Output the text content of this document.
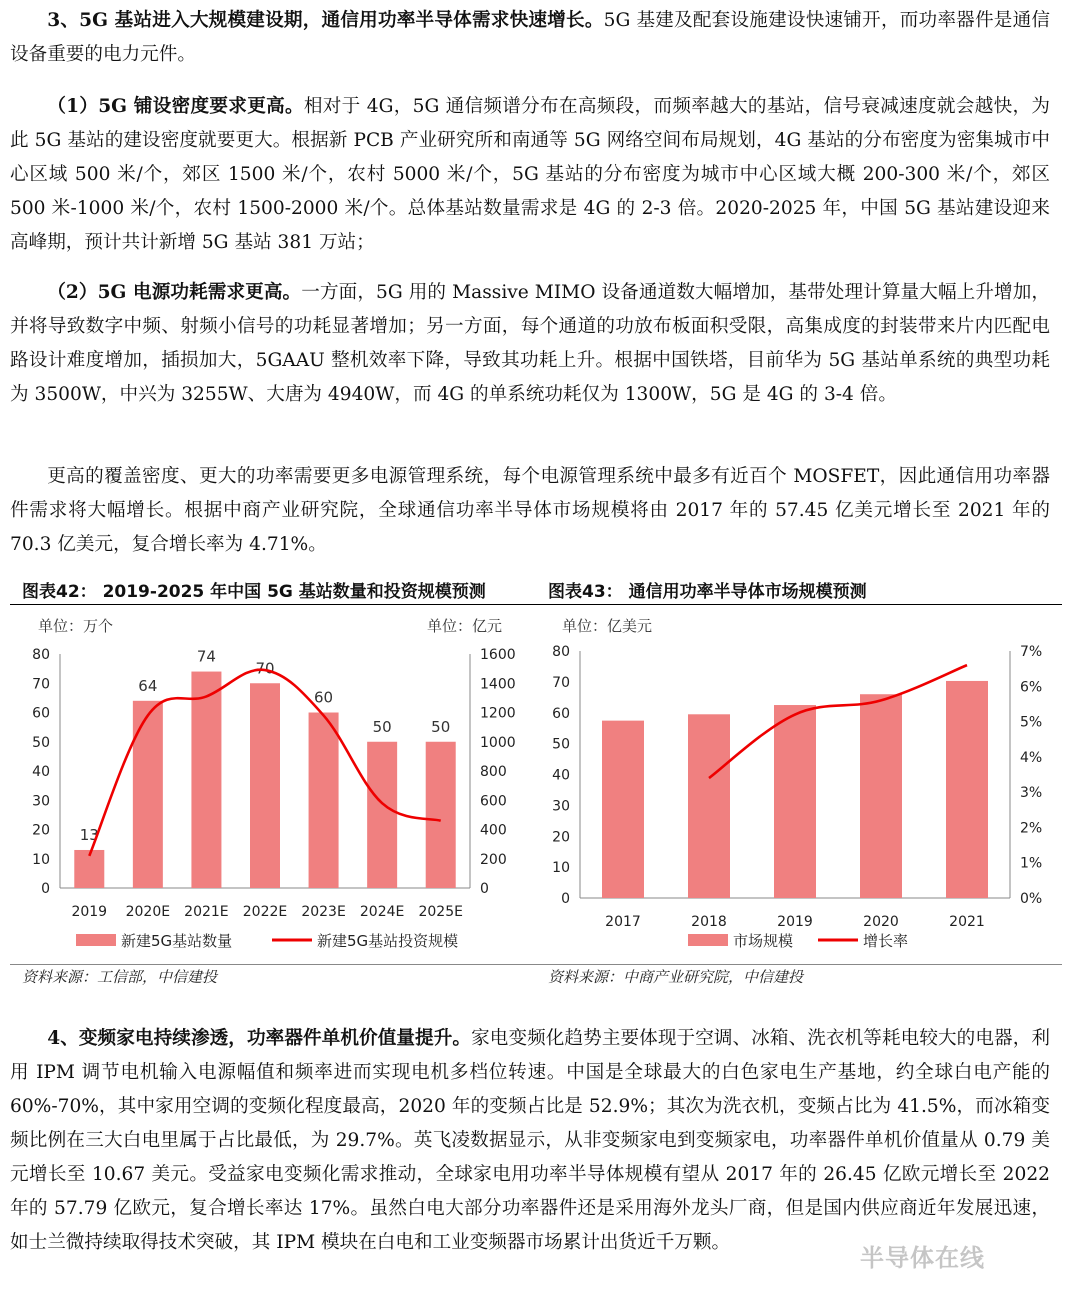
3、5G 基站进入大规模建设期，通信用功率半导体需求快速增长。5G 基建及配套设施建设快速铺开，而功率器件是通信设备重要的电力元件。

（1）5G 铺设密度要求更高。相对于 4G，5G 通信频谱分布在高频段，而频率越大的基站，信号衰减速度就会越快，为此 5G 基站的建设密度就要更大。根据新 PCB 产业研究所和南通等 5G 网络空间布局规划，4G 基站的分布密度为密集城市中心区域 500 米/个，郊区 1500 米/个，农村 5000 米/个，5G 基站的分布密度为城市中心区域大概 200-300 米/个，郊区 500 米-1000 米/个，农村 1500-2000 米/个。总体基站数量需求是 4G 的 2-3 倍。2020-2025 年，中国 5G 基站建设迎来高峰期，预计共计新增 5G 基站 381 万站；

（2）5G 电源功耗需求更高。一方面，5G 用的 Massive MIMO 设备通道数大幅增加，基带处理计算量大幅上升增加，并将导致数字中频、射频小信号的功耗显著增加；另一方面，每个通道的功放布板面积受限，高集成度的封装带来片内匹配电路设计难度增加，插损加大，5GAAU 整机效率下降，导致其功耗上升。根据中国铁塔，目前华为 5G 基站单系统的典型功耗为 3500W，中兴为 3255W、大唐为 4940W，而 4G 的单系统功耗仅为 1300W，5G 是 4G 的 3-4 倍。

更高的覆盖密度、更大的功率需要更多电源管理系统，每个电源管理系统中最多有近百个 MOSFET，因此通信用功率器件需求将大幅增长。根据中商产业研究院，全球通信功率半导体市场规模将由 2017 年的 57.45 亿美元增长至 2021 年的 70.3 亿美元，复合增长率为 4.71%。

图表42： 2019-2025 年中国 5G 基站数量和投资规模预测	图表43： 通信用功率半导体市场规模预测
单位：万个	单位：亿元
0
10
20
30
40
50
60
70
80
0
200
400
600
800
1000
1200
1400
1600
13
64
74
70
60
50	50
2019 2020E 2021E 2022E 2023E 2024E 2025E
新建5G基站数量	新建5G基站投资规模
单位：亿美元
0
10
20
30
40
50
60
70
80
0%
1%
2%
3%
4%
5%
6%
7%
2017	2018	2019	2020	2021
市场规模	增长率
资料来源：工信部，中信建投	资料来源：中商产业研究院，中信建投

4、变频家电持续渗透，功率器件单机价值量提升。家电变频化趋势主要体现于空调、冰箱、洗衣机等耗电较大的电器，利用 IPM 调节电机输入电源幅值和频率进而实现电机多档位转速。中国是全球最大的白色家电生产基地，约全球白电产能的 60%-70%，其中家用空调的变频化程度最高，2020 年的变频占比是 52.9%；其次为洗衣机，变频占比为 41.5%，而冰箱变频比例在三大白电里属于占比最低，为 29.7%。英飞凌数据显示，从非变频家电到变频家电，功率器件单机价值量从 0.79 美元增长至 10.67 美元。受益家电变频化需求推动，全球家电用功率半导体规模有望从 2017 年的 26.45 亿欧元增长至 2022 年的 57.79 亿欧元，复合增长率达 17%。虽然白电大部分功率器件还是采用海外龙头厂商，但是国内供应商近年发展迅速，如士兰微持续取得技术突破，其 IPM 模块在白电和工业变频器市场累计出货近千万颗。

半导体在线
